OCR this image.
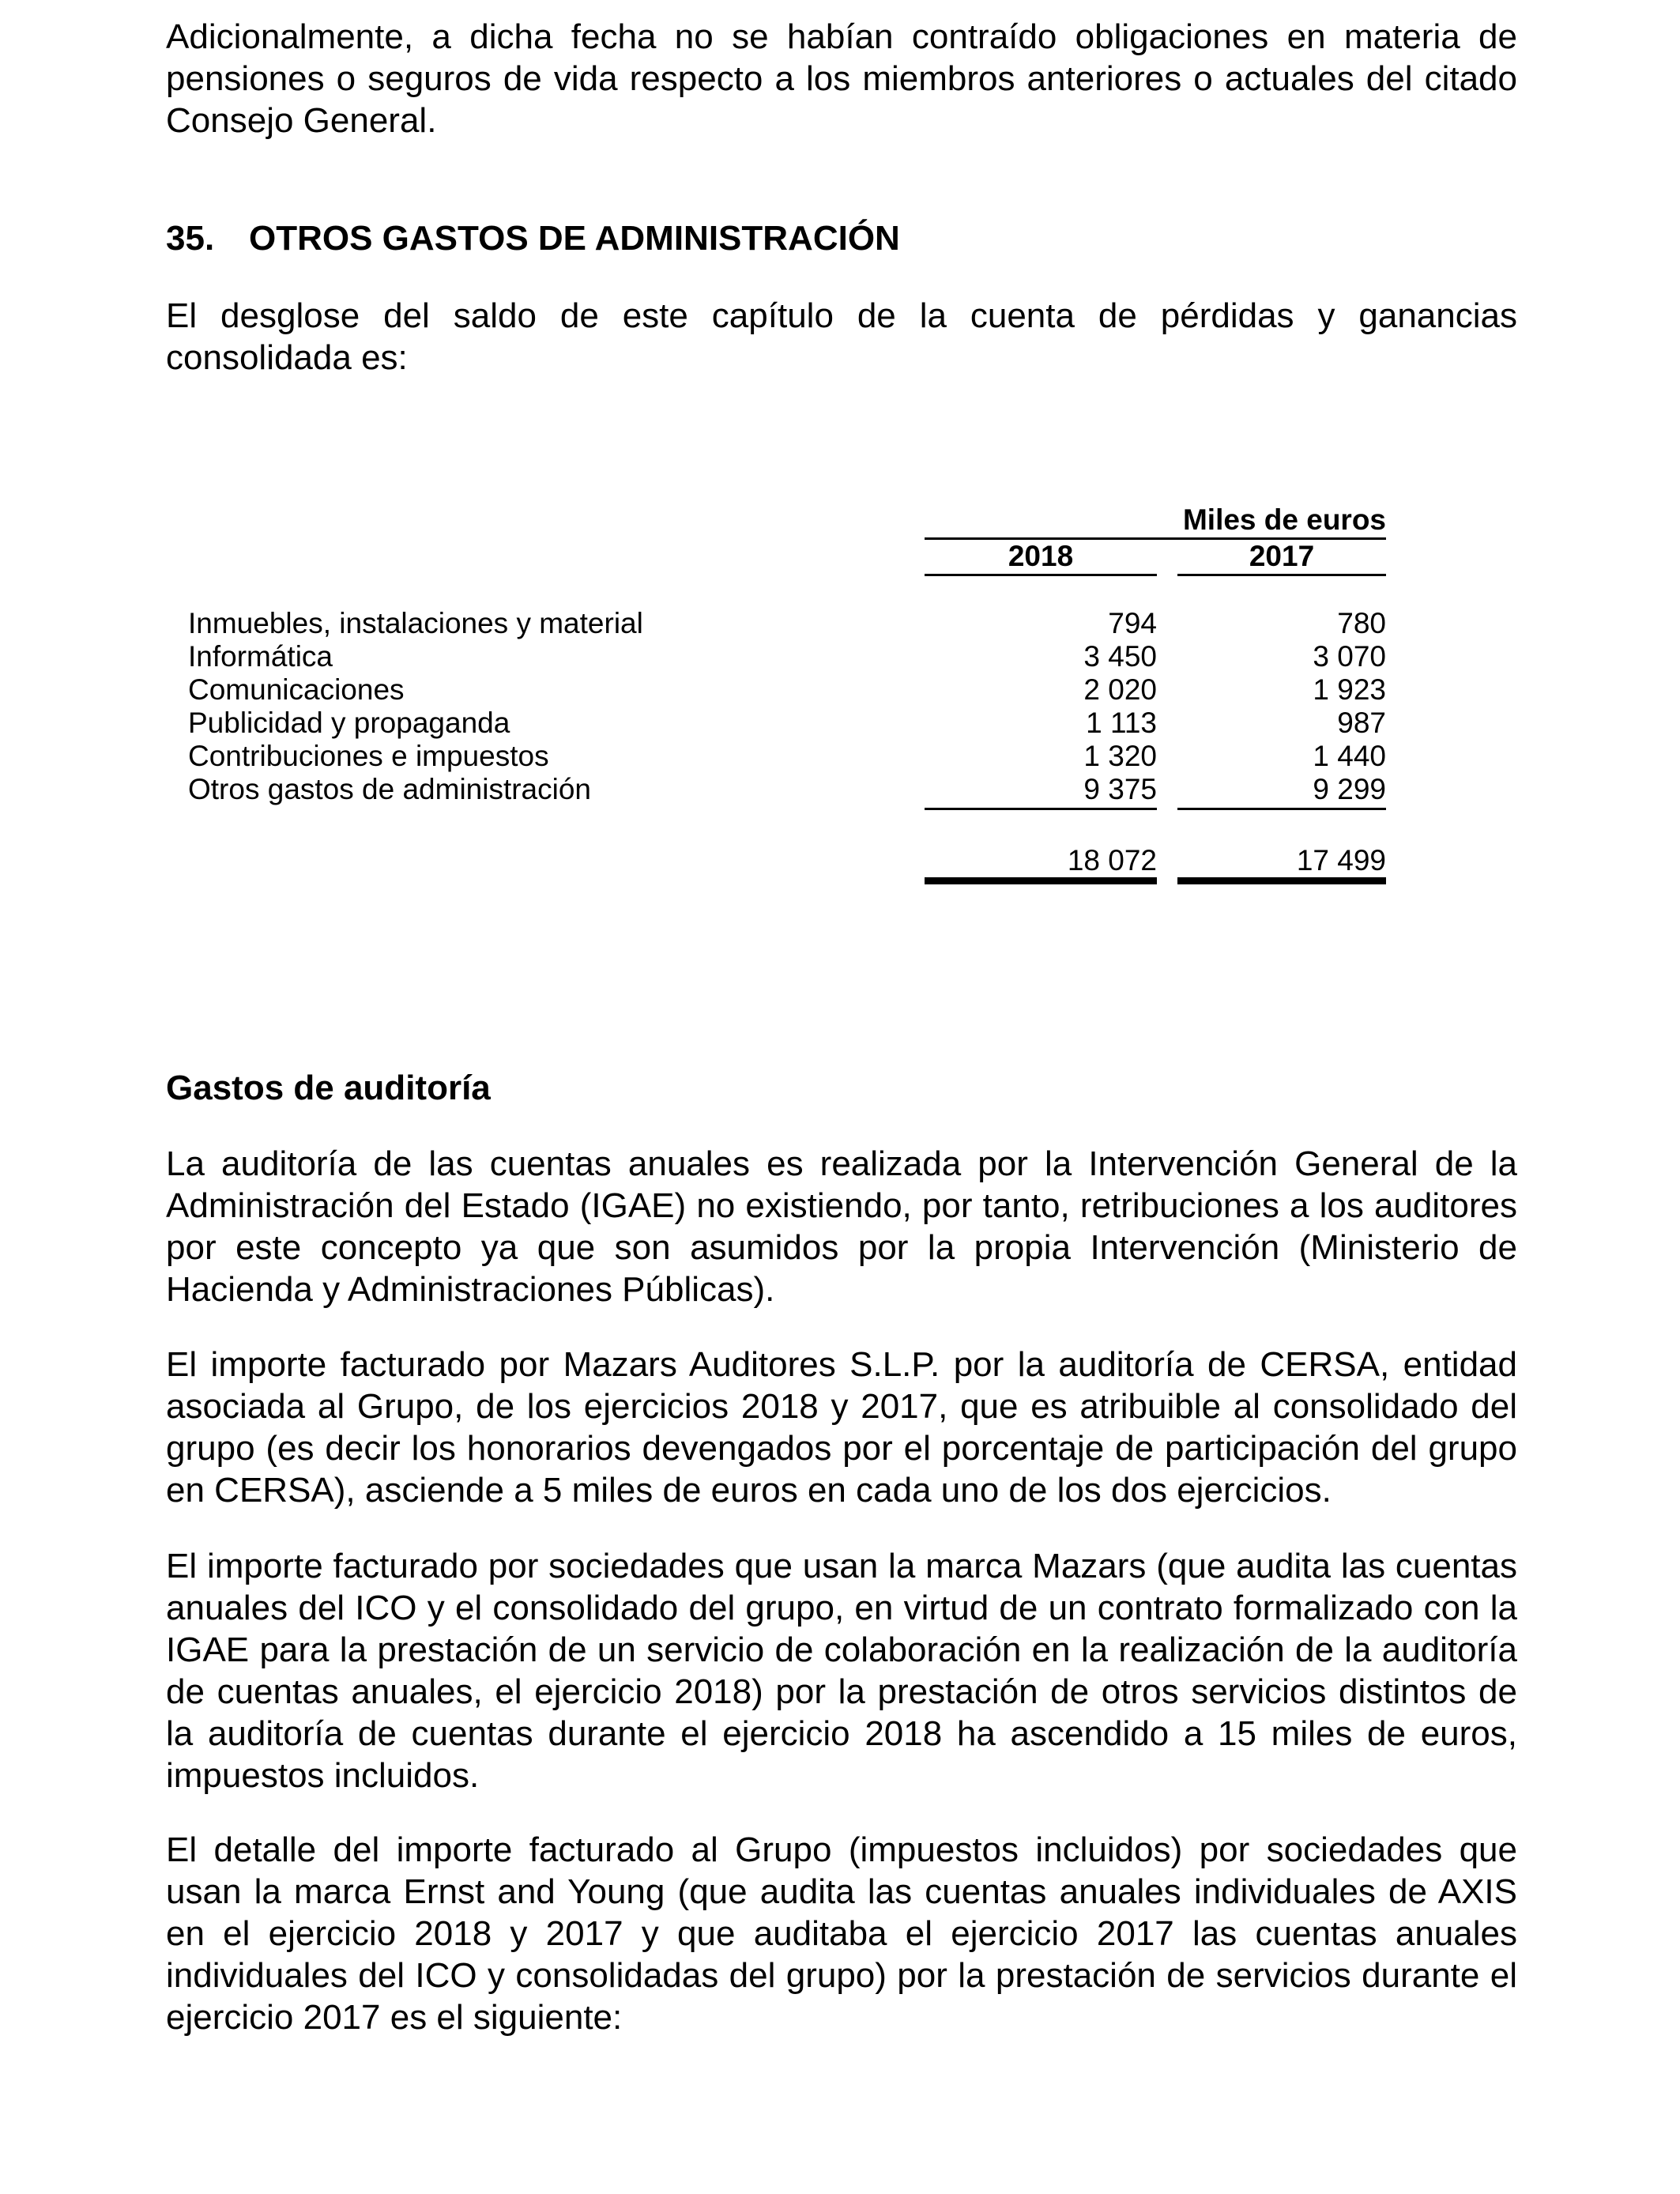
Adicionalmente, a dicha fecha no se habían contraído obligaciones en materia de pensiones o seguros de vida respecto a los miembros anteriores o actuales del citado Consejo General.

35. OTROS GASTOS DE ADMINISTRACIÓN

El desglose del saldo de este capítulo de la cuenta de pérdidas y ganancias consolidada es:

Miles de euros
2018	2017
Inmuebles, instalaciones y material	794	780
Informática	3 450	3 070
Comunicaciones	2 020	1 923
Publicidad y propaganda	1 113	987
Contribuciones e impuestos	1 320	1 440
Otros gastos de administración	9 375	9 299
18 072	17 499
Gastos de auditoría

La auditoría de las cuentas anuales es realizada por la Intervención General de la Administración del Estado (IGAE) no existiendo, por tanto, retribuciones a los auditores por este concepto ya que son asumidos por la propia Intervención (Ministerio de Hacienda y Administraciones Públicas).

El importe facturado por Mazars Auditores S.L.P. por la auditoría de CERSA, entidad asociada al Grupo, de los ejercicios 2018 y 2017, que es atribuible al consolidado del grupo (es decir los honorarios devengados por el porcentaje de participación del grupo en CERSA), asciende a 5 miles de euros en cada uno de los dos ejercicios.

El importe facturado por sociedades que usan la marca Mazars (que audita las cuentas anuales del ICO y el consolidado del grupo, en virtud de un contrato formalizado con la IGAE para la prestación de un servicio de colaboración en la realización de la auditoría de cuentas anuales, el ejercicio 2018) por la prestación de otros servicios distintos de la auditoría de cuentas durante el ejercicio 2018 ha ascendido a 15 miles de euros, impuestos incluidos.

El detalle del importe facturado al Grupo (impuestos incluidos) por sociedades que usan la marca Ernst and Young (que audita las cuentas anuales individuales de AXIS en el ejercicio 2018 y 2017 y que auditaba el ejercicio 2017 las cuentas anuales individuales del ICO y consolidadas del grupo) por la prestación de servicios durante el ejercicio 2017 es el siguiente:
